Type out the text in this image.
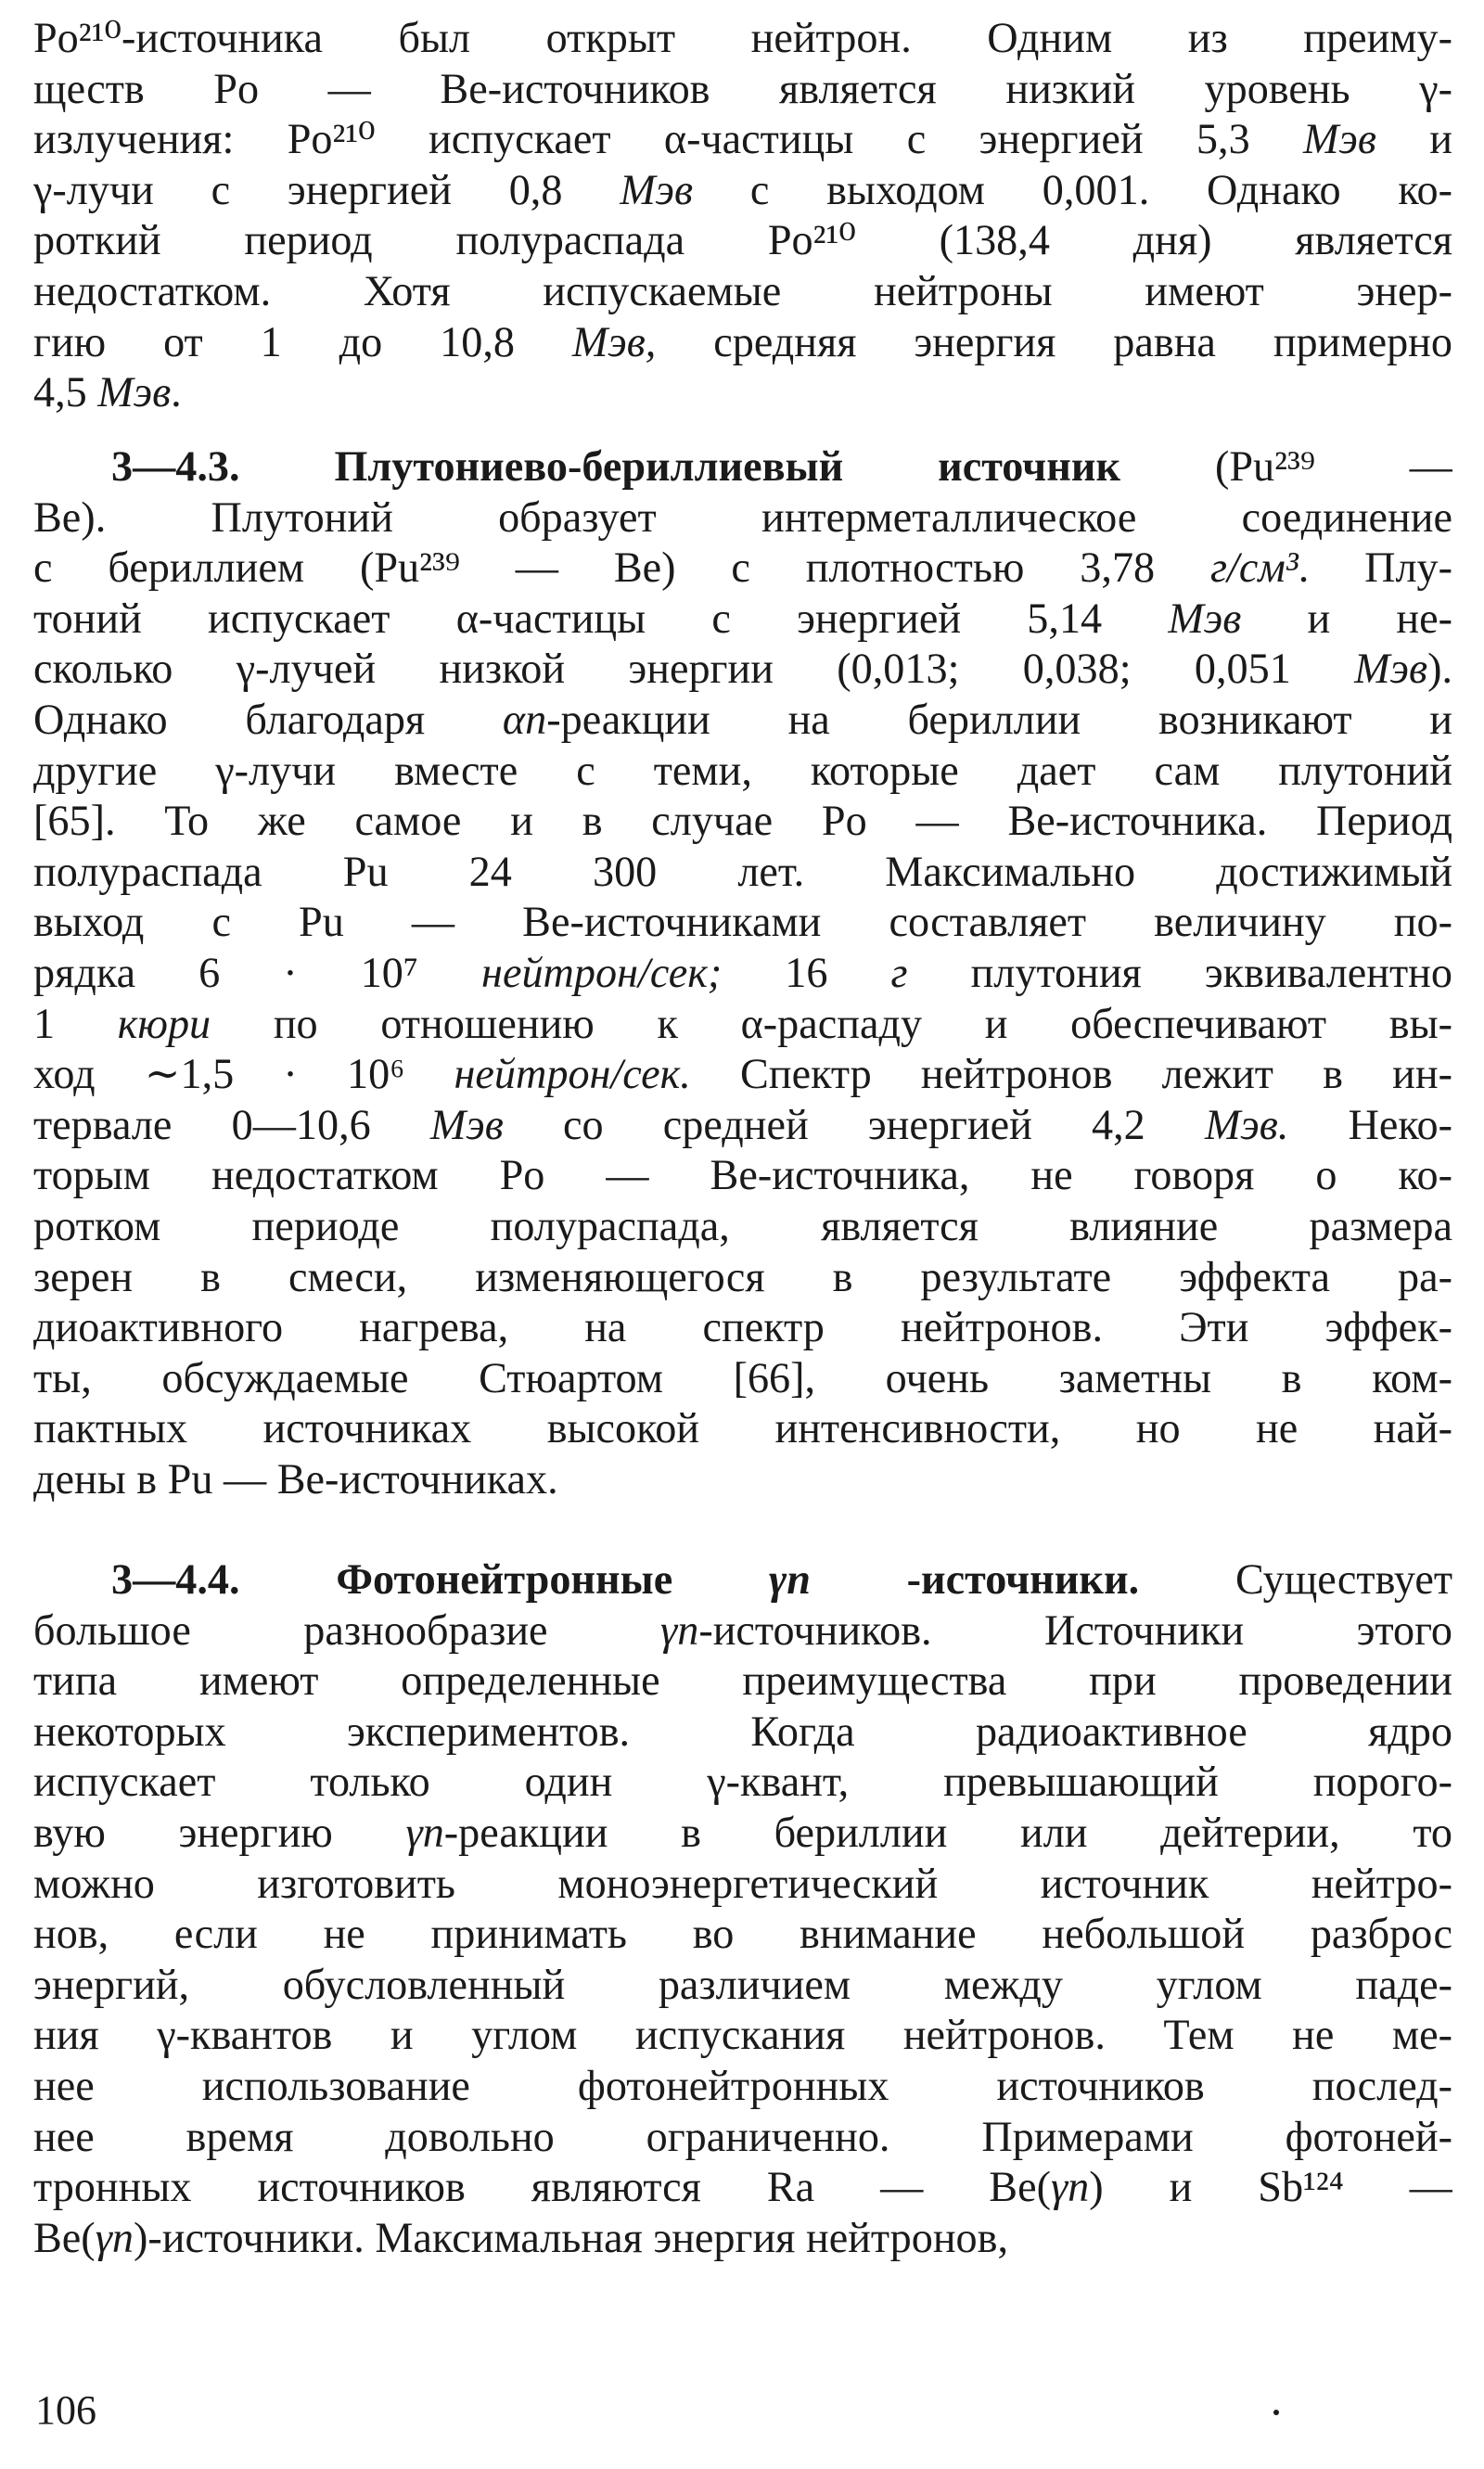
Po²¹⁰-источника был открыт нейтрон. Одним из преиму-
ществ Po — Be-источников является низкий уровень γ-
излучения: Po²¹⁰ испускает α-частицы с энергией 5,3 Мэв и
γ-лучи с энергией 0,8 Мэв с выходом 0,001. Однако ко-
роткий период полураспада Po²¹⁰ (138,4 дня) является
недостатком. Хотя испускаемые нейтроны имеют энер-
гию от 1 до 10,8 Мэв, средняя энергия равна примерно
4,5 Мэв.
3—4.3. Плутониево-бериллиевый источник (Pu²³⁹ —
Be). Плутоний образует интерметаллическое соединение
с бериллием (Pu²³⁹ — Be) с плотностью 3,78 г/см³. Плу-
тоний испускает α-частицы с энергией 5,14 Мэв и не-
сколько γ-лучей низкой энергии (0,013; 0,038; 0,051 Мэв).
Однако благодаря αn-реакции на бериллии возникают и
другие γ-лучи вместе с теми, которые дает сам плутоний
[65]. То же самое и в случае Po — Be-источника. Период
полураспада Pu 24 300 лет. Максимально достижимый
выход с Pu — Be-источниками составляет величину по-
рядка 6 · 10⁷ нейтрон/сек; 16 г плутония эквивалентно
1 кюри по отношению к α-распаду и обеспечивают вы-
ход ∼1,5 · 10⁶ нейтрон/сек. Спектр нейтронов лежит в ин-
тервале 0—10,6 Мэв со средней энергией 4,2 Мэв. Неко-
торым недостатком Po — Be-источника, не говоря о ко-
ротком периоде полураспада, является влияние размера
зерен в смеси, изменяющегося в результате эффекта ра-
диоактивного нагрева, на спектр нейтронов. Эти эффек-
ты, обсуждаемые Стюартом [66], очень заметны в ком-
пактных источниках высокой интенсивности, но не най-
дены в Pu — Be-источниках.
3—4.4. Фотонейтронные γn -источники. Существует
большое разнообразие γn-источников. Источники этого
типа имеют определенные преимущества при проведении
некоторых экспериментов. Когда радиоактивное ядро
испускает только один γ-квант, превышающий порого-
вую энергию γn-реакции в бериллии или дейтерии, то
можно изготовить моноэнергетический источник нейтро-
нов, если не принимать во внимание небольшой разброс
энергий, обусловленный различием между углом паде-
ния γ-квантов и углом испускания нейтронов. Тем не ме-
нее использование фотонейтронных источников послед-
нее время довольно ограниченно. Примерами фотоней-
тронных источников являются Ra — Be(γn) и Sb¹²⁴ —
Be(γn)-источники. Максимальная энергия нейтронов,
106
